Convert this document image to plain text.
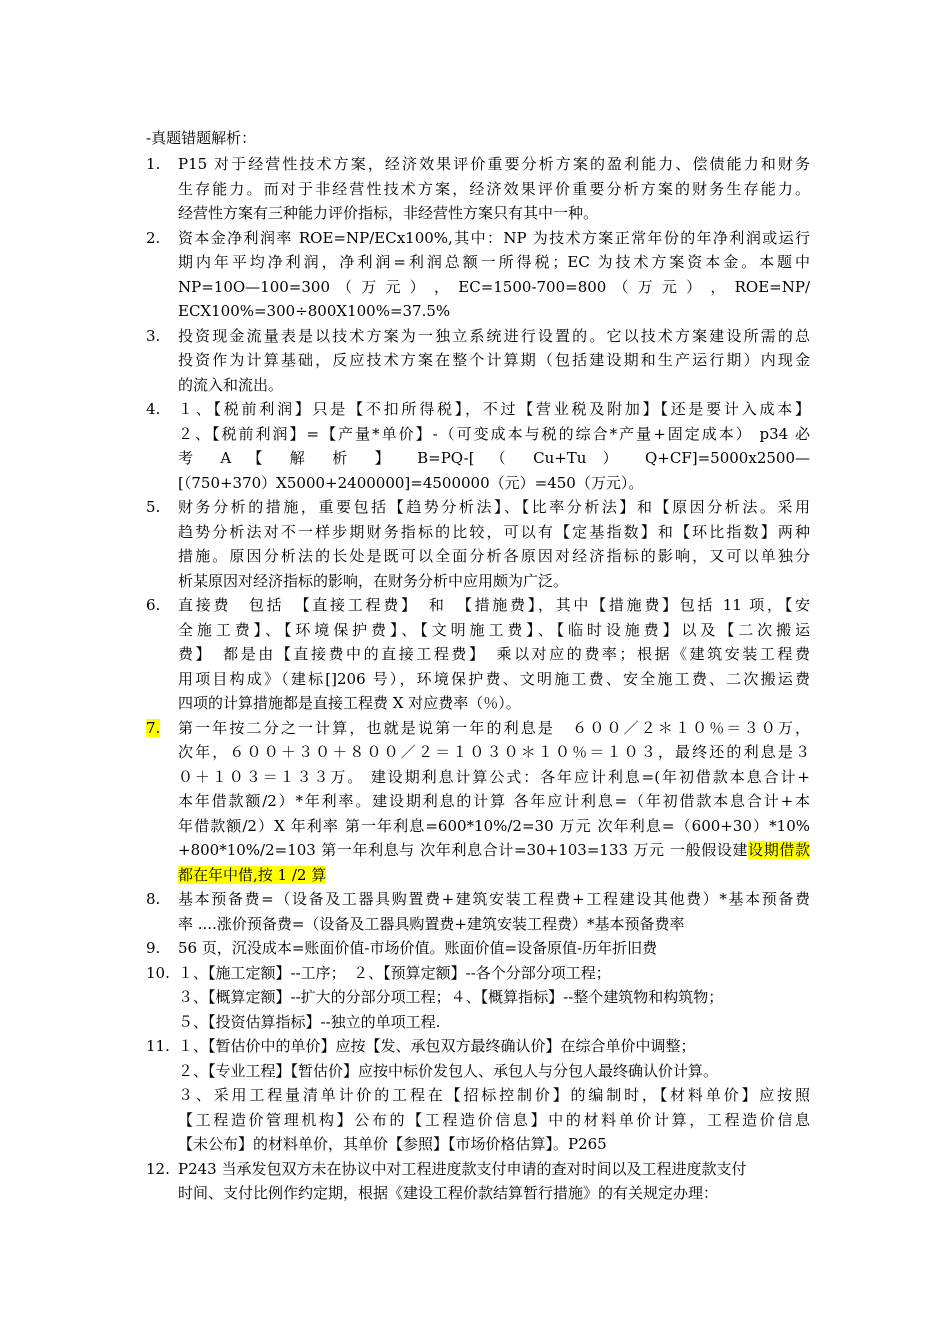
-真题错题解析：
1.	P15 对于经营性技术方案，经济效果评价重要分析方案的盈利能力、偿债能力和财务
生存能力。而对于非经营性技术方案，经济效果评价重要分析方案的财务生存能力。
经营性方案有三种能力评价指标，非经营性方案只有其中一种。
2.	资本金净利润率 ROE=NP/ECx100%,其中：NP 为技术方案正常年份的年净利润或运行
期内年平均净利润，净利润=利润总额一所得税；EC 为技术方案资本金。本题中
NP=10O—100=300 （ 万 元 ） ， EC=1500-700=800 （ 万 元 ） ， ROE=NP/
ECX100%=300÷800X100%=37.5%
3.	投资现金流量表是以技术方案为一独立系统进行设置的。它以技术方案建设所需的总
投资作为计算基础，反应技术方案在整个计算期（包括建设期和生产运行期）内现金
的流入和流出。
4.	１、【税前利润】只是【不扣所得税】，不过【营业税及附加】【还是要计入成本】
２、【税前利润】=【产量*单价】-（可变成本与税的综合*产量+固定成本） p34 必
考 A 【 解 析 】 B=PQ-[ （ Cu+Tu ） Q+CF]=5000x2500—
[（750+370）X5000+2400000]=4500000（元）=450（万元）。
5.	财务分析的措施，重要包括【趋势分析法】、【比率分析法】和【原因分析法。采用
趋势分析法对不一样步期财务指标的比较，可以有【定基指数】和【环比指数】两种
措施。原因分析法的长处是既可以全面分析各原因对经济指标的影响，又可以单独分
析某原因对经济指标的影响，在财务分析中应用颇为广泛。
6.	直接费　包括　【直接工程费】　和　【措施费】，其中【措施费】包括 11 项，【安
全施工费】、【环境保护费】、【文明施工费】、【临时设施费】以及【二次搬运
费】　都是由【直接费中的直接工程费】　乘以对应的费率；根据《建筑安装工程费
用项目构成》（建标[]206 号），环境保护费、文明施工费、安全施工费、二次搬运费
四项的计算措施都是直接工程费 X 对应费率（％）。
7.	第一年按二分之一计算，也就是说第一年的利息是　６００／２＊１０％＝３０万，
次年，６００＋３０＋８００／２＝１０３０＊１０％＝１０３，最终还的利息是３
０＋１０３＝１３３万。 建设期利息计算公式：各年应计利息=(年初借款本息合计+
本年借款额/2）*年利率。建设期利息的计算 各年应计利息=（年初借款本息合计+本
年借款额/2）X 年利率 第一年利息=600*10%/2=30 万元 次年利息=（600+30）*10%
+800*10%/2=103 第一年利息与 次年利息合计=30+103=133 万元 一般假设建设期借款
都在年中借,按 1 /2 算
8.	基本预备费=（设备及工器具购置费+建筑安装工程费+工程建设其他费）*基本预备费
率 ....涨价预备费=（设备及工器具购置费+建筑安装工程费）*基本预备费率
9.	56 页，沉没成本=账面价值-市场价值。账面价值=设备原值-历年折旧费
10. １、【施工定额】--工序；　２、【预算定额】--各个分部分项工程；
３、【概算定额】--扩大的分部分项工程；４、【概算指标】--整个建筑物和构筑物；
５、【投资估算指标】--独立的单项工程.
11. １、【暂估价中的单价】应按【发、承包双方最终确认价】在综合单价中调整；
２、【专业工程】【暂估价】应按中标价发包人、承包人与分包人最终确认价计算。
３、采用工程量清单计价的工程在【招标控制价】的编制时，【材料单价】应按照
【工程造价管理机构】公布的【工程造价信息】中的材料单价计算，工程造价信息
【未公布】的材料单价，其单价【参照】【市场价格估算】。P265
12. P243 当承发包双方未在协议中对工程进度款支付申请的查对时间以及工程进度款支付
时间、支付比例作约定期，根据《建设工程价款结算暂行措施》的有关规定办理：
